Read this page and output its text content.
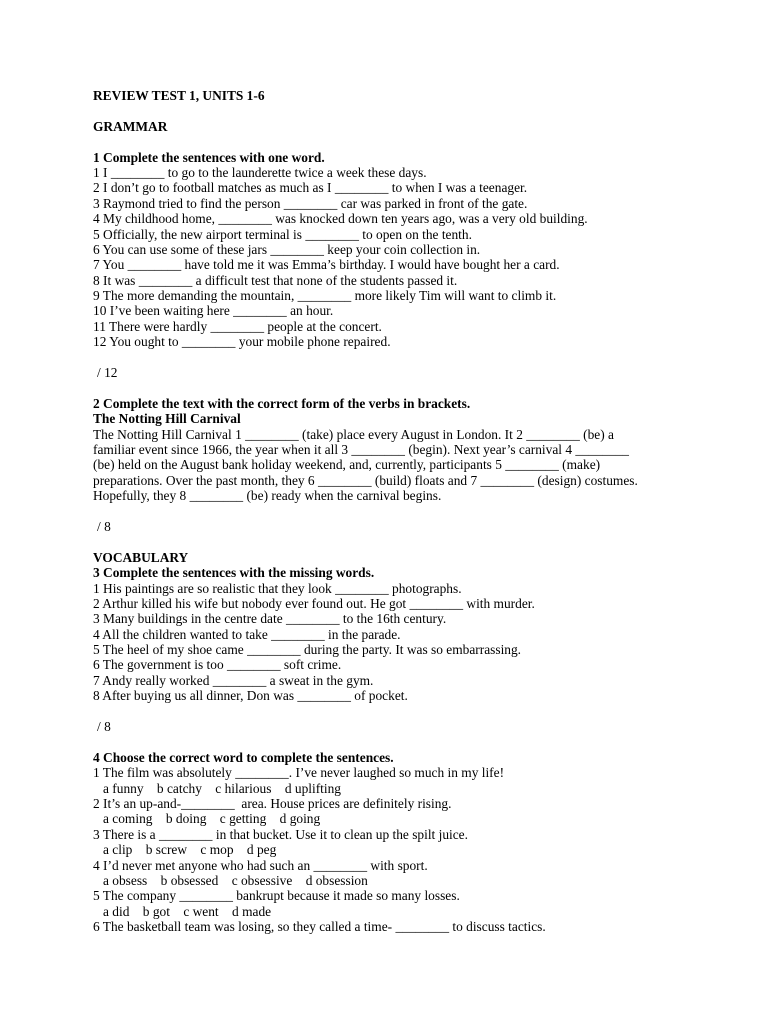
REVIEW TEST 1, UNITS 1-6
GRAMMAR
1 Complete the sentences with one word.
1 I ________ to go to the launderette twice a week these days.
2 I don’t go to football matches as much as I ________ to when I was a teenager.
3 Raymond tried to find the person ________ car was parked in front of the gate.
4 My childhood home, ________ was knocked down ten years ago, was a very old building.
5 Officially, the new airport terminal is ________ to open on the tenth.
6 You can use some of these jars ________ keep your coin collection in.
7 You ________ have told me it was Emma’s birthday. I would have bought her a card.
8 It was ________ a difficult test that none of the students passed it.
9 The more demanding the mountain, ________ more likely Tim will want to climb it.
10 I’ve been waiting here ________ an hour.
11 There were hardly ________ people at the concert.
12 You ought to ________ your mobile phone repaired.
/ 12
2 Complete the text with the correct form of the verbs in brackets.
The Notting Hill Carnival
The Notting Hill Carnival 1 ________ (take) place every August in London. It 2 ________ (be) a
familiar event since 1966, the year when it all 3 ________ (begin). Next year’s carnival 4 ________
(be) held on the August bank holiday weekend, and, currently, participants 5 ________ (make)
preparations. Over the past month, they 6 ________ (build) floats and 7 ________ (design) costumes.
Hopefully, they 8 ________ (be) ready when the carnival begins.
/ 8
VOCABULARY
3 Complete the sentences with the missing words.
1 His paintings are so realistic that they look ________ photographs.
2 Arthur killed his wife but nobody ever found out. He got ________ with murder.
3 Many buildings in the centre date ________ to the 16th century.
4 All the children wanted to take ________ in the parade.
5 The heel of my shoe came ________ during the party. It was so embarrassing.
6 The government is too ________ soft crime.
7 Andy really worked ________ a sweat in the gym.
8 After buying us all dinner, Don was ________ of pocket.
/ 8
4 Choose the correct word to complete the sentences.
1 The film was absolutely ________. I’ve never laughed so much in my life!
a funny    b catchy    c hilarious    d uplifting
2 It’s an up-and-________  area. House prices are definitely rising.
a coming    b doing    c getting    d going
3 There is a ________ in that bucket. Use it to clean up the spilt juice.
a clip    b screw    c mop    d peg
4 I’d never met anyone who had such an ________ with sport.
a obsess    b obsessed    c obsessive    d obsession
5 The company ________ bankrupt because it made so many losses.
a did    b got    c went    d made
6 The basketball team was losing, so they called a time- ________ to discuss tactics.
